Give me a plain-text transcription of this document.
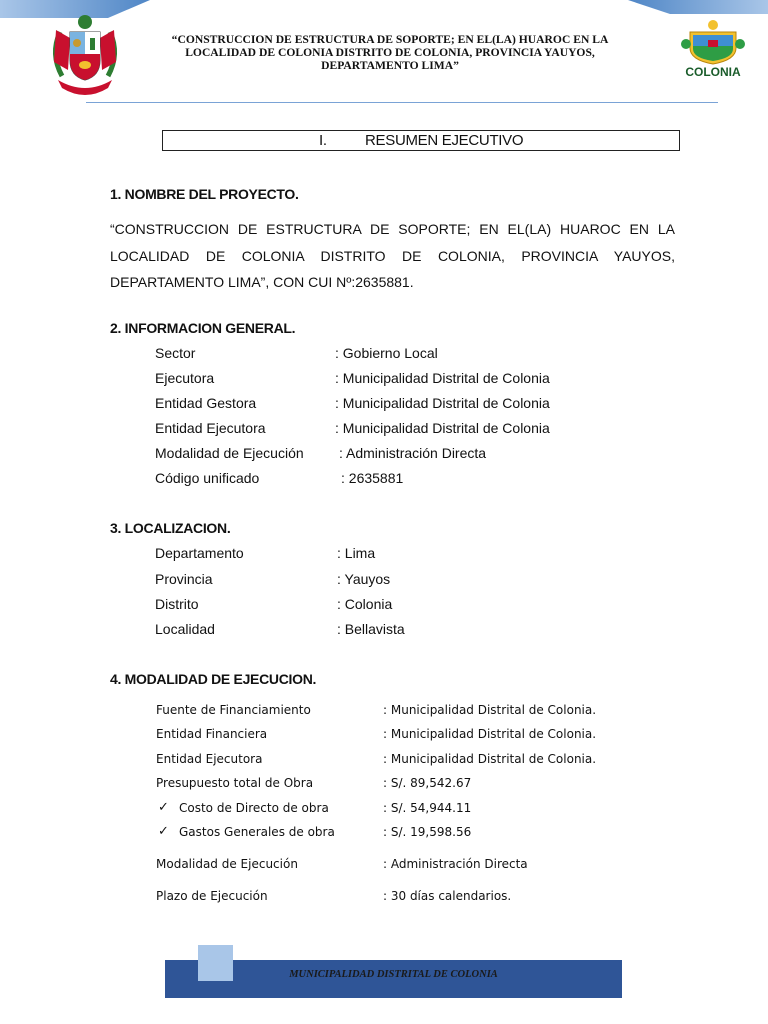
COLONIA
“CONSTRUCCION DE ESTRUCTURA DE SOPORTE; EN EL(LA) HUAROC EN LA LOCALIDAD DE COLONIA DISTRITO DE COLONIA, PROVINCIA YAUYOS, DEPARTAMENTO LIMA”
I.	RESUMEN EJECUTIVO
1. NOMBRE DEL PROYECTO.
“CONSTRUCCION DE ESTRUCTURA DE SOPORTE; EN EL(LA) HUAROC EN LA LOCALIDAD DE COLONIA DISTRITO DE COLONIA, PROVINCIA YAUYOS, DEPARTAMENTO LIMA”, CON CUI Nº:2635881.
2. INFORMACION GENERAL.
Sector	: Gobierno Local
Ejecutora	: Municipalidad Distrital de Colonia
Entidad Gestora	: Municipalidad Distrital de Colonia
Entidad Ejecutora	: Municipalidad Distrital de Colonia
Modalidad de Ejecución	: Administración Directa
Código unificado	: 2635881
3. LOCALIZACION.
Departamento	: Lima
Provincia	: Yauyos
Distrito	: Colonia
Localidad	: Bellavista
4. MODALIDAD DE EJECUCION.
Fuente de Financiamiento	: Municipalidad Distrital de Colonia.
Entidad Financiera	: Municipalidad Distrital de Colonia.
Entidad Ejecutora	: Municipalidad Distrital de Colonia.
Presupuesto total de Obra	: S/. 89,542.67
✓ Costo de Directo de obra	: S/. 54,944.11
✓ Gastos Generales de obra	: S/. 19,598.56
Modalidad de Ejecución	: Administración Directa
Plazo de Ejecución	: 30 días calendarios.
MUNICIPALIDAD DISTRITAL DE COLONIA
